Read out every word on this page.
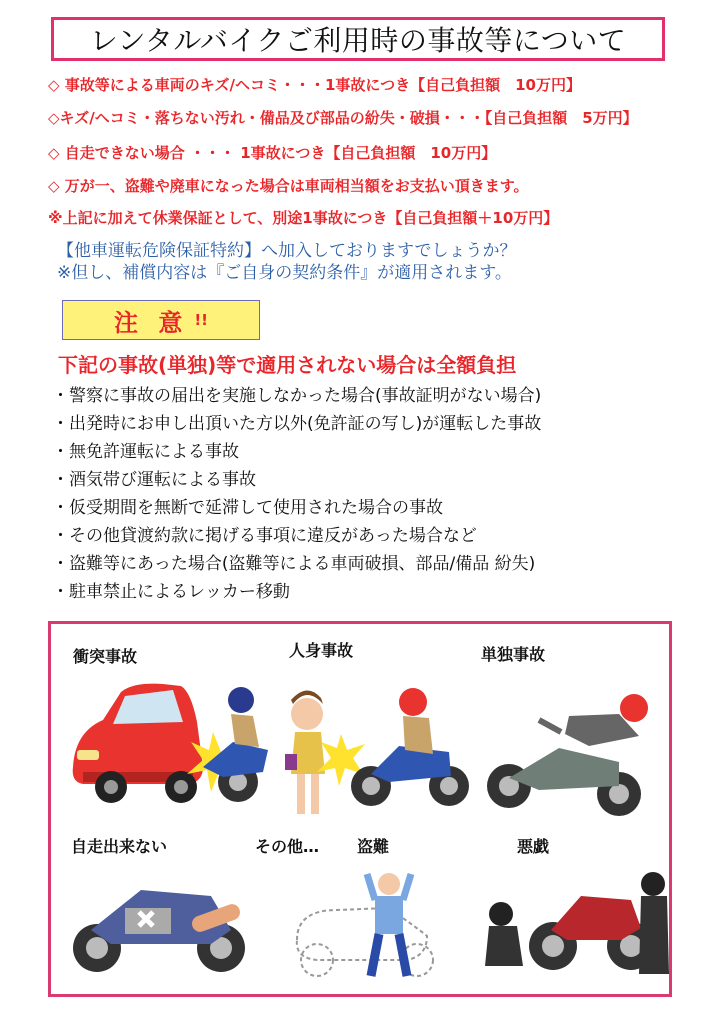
レンタルバイクご利用時の事故等について
◇ 事故等による車両のキズ/ヘコミ・・・1事故につき【自己負担額　10万円】
◇キズ/ヘコミ・落ちない汚れ・備品及び部品の紛失・破損・・・【自己負担額　5万円】
◇ 自走できない場合 ・・・ 1事故につき【自己負担額　10万円】
◇ 万が一、盗難や廃車になった場合は車両相当額をお支払い頂きます。
※上記に加えて休業保証として、別途1事故につき【自己負担額＋10万円】
【他車運転危険保証特約】へ加入しておりますでしょうか？
※但し、補償内容は『ご自身の契約条件』が適用されます。
注 意 !!
下記の事故(単独)等で適用されない場合は全額負担
・警察に事故の届出を実施しなかった場合(事故証明がない場合)
・出発時にお申し出頂いた方以外(免許証の写し)が運転した事故
・無免許運転による事故
・酒気帯び運転による事故
・仮受期間を無断で延滞して使用された場合の事故
・その他貸渡約款に掲げる事項に違反があった場合など
・盗難等にあった場合(盗難等による車両破損、部品/備品 紛失)
・駐車禁止によるレッカー移動
衝突事故	人身事故	単独事故
自走出来ない	その他… 盗難	悪戯
